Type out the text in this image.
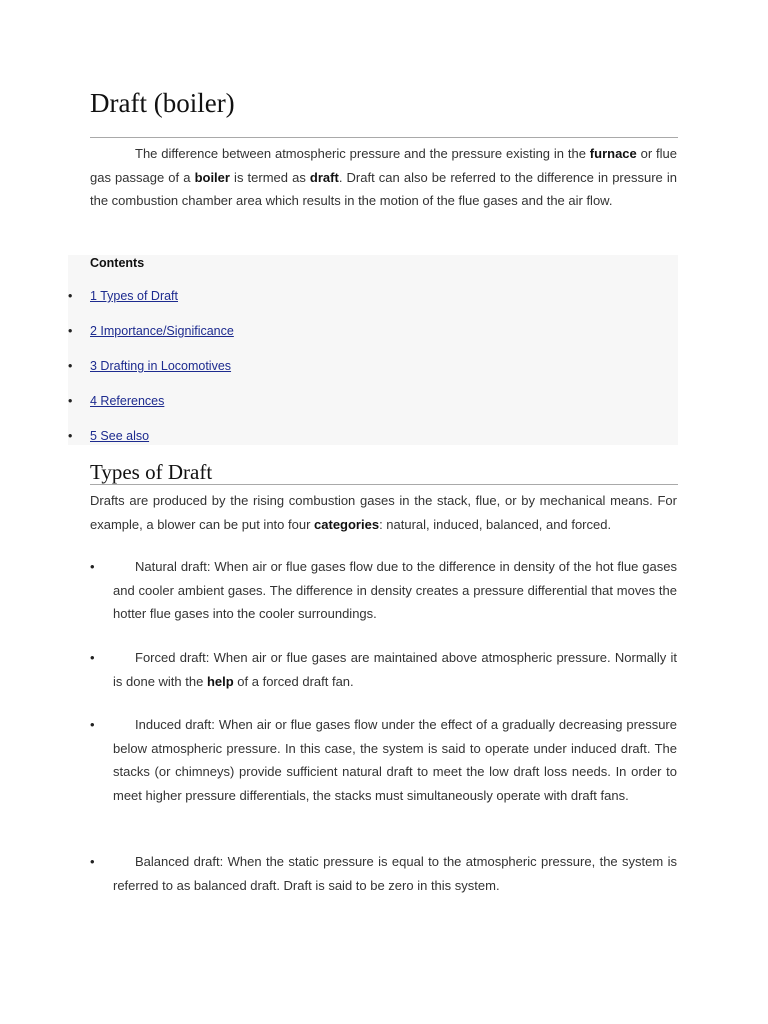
Draft (boiler)

The difference between atmospheric pressure and the pressure existing in the furnace or flue gas passage of a boiler is termed as draft. Draft can also be referred to the difference in pressure in the combustion chamber area which results in the motion of the flue gases and the air flow.

Contents
•	1 Types of Draft
•	2 Importance/Significance
•	3 Drafting in Locomotives
•	4 References
•	5 See also
Types of Draft

Drafts are produced by the rising combustion gases in the stack, flue, or by mechanical means. For example, a blower can be put into four categories: natural, induced, balanced, and forced.

•	Natural draft: When air or flue gases flow due to the difference in density of the hot flue gases and cooler ambient gases. The difference in density creates a pressure differential that moves the hotter flue gases into the cooler surroundings.

•	Forced draft: When air or flue gases are maintained above atmospheric pressure. Normally it is done with the help of a forced draft fan.

•	Induced draft: When air or flue gases flow under the effect of a gradually decreasing pressure below atmospheric pressure. In this case, the system is said to operate under induced draft. The stacks (or chimneys) provide sufficient natural draft to meet the low draft loss needs. In order to meet higher pressure differentials, the stacks must simultaneously operate with draft fans.

•	Balanced draft: When the static pressure is equal to the atmospheric pressure, the system is referred to as balanced draft. Draft is said to be zero in this system.
